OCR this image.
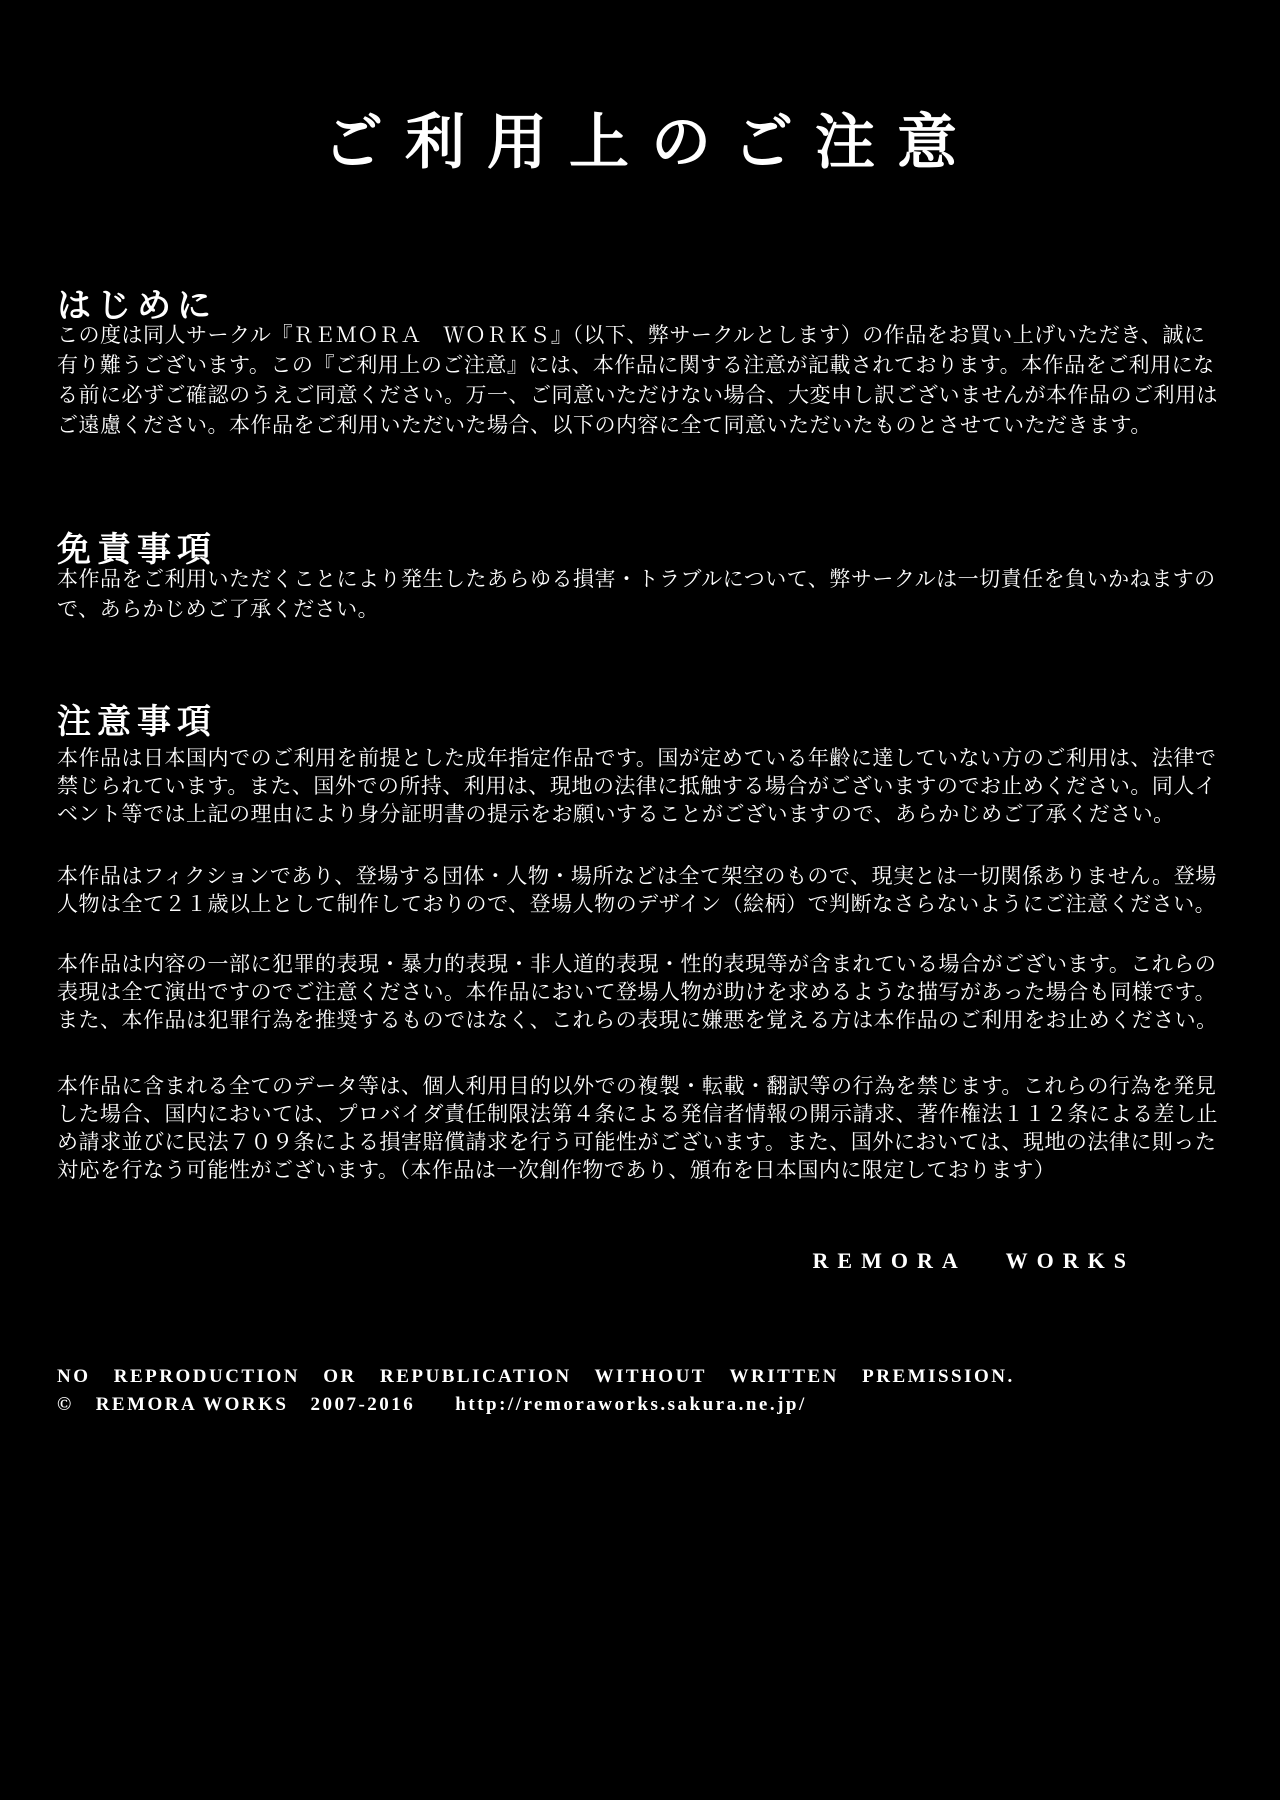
ご利用上のご注意
はじめに
この度は同人サークル『ＲＥＭＯＲＡ　ＷＯＲＫＳ』（以下、弊サークルとします）の作品をお買い上げいただき、誠に
有り難うございます。この『ご利用上のご注意』には、本作品に関する注意が記載されております。本作品をご利用にな
る前に必ずご確認のうえご同意ください。万一、ご同意いただけない場合、大変申し訳ございませんが本作品のご利用は
ご遠慮ください。本作品をご利用いただいた場合、以下の内容に全て同意いただいたものとさせていただきます。
免責事項
本作品をご利用いただくことにより発生したあらゆる損害・トラブルについて、弊サークルは一切責任を負いかねますの
で、あらかじめご了承ください。
注意事項
本作品は日本国内でのご利用を前提とした成年指定作品です。国が定めている年齢に達していない方のご利用は、法律で
禁じられています。また、国外での所持、利用は、現地の法律に抵触する場合がございますのでお止めください。同人イ
ベント等では上記の理由により身分証明書の提示をお願いすることがございますので、あらかじめご了承ください。
本作品はフィクションであり、登場する団体・人物・場所などは全て架空のもので、現実とは一切関係ありません。登場
人物は全て２１歳以上として制作しておりので、登場人物のデザイン（絵柄）で判断なさらないようにご注意ください。
本作品は内容の一部に犯罪的表現・暴力的表現・非人道的表現・性的表現等が含まれている場合がございます。これらの
表現は全て演出ですのでご注意ください。本作品において登場人物が助けを求めるような描写があった場合も同様です。
また、本作品は犯罪行為を推奨するものではなく、これらの表現に嫌悪を覚える方は本作品のご利用をお止めください。
本作品に含まれる全てのデータ等は、個人利用目的以外での複製・転載・翻訳等の行為を禁じます。これらの行為を発見
した場合、国内においては、プロバイダ責任制限法第４条による発信者情報の開示請求、著作権法１１２条による差し止
め請求並びに民法７０９条による損害賠償請求を行う可能性がございます。また、国外においては、現地の法律に則った
対応を行なう可能性がございます。（本作品は一次創作物であり、頒布を日本国内に限定しております）
REMORA WORKS
NO REPRODUCTION OR REPUBLICATION WITHOUT WRITTEN PREMISSION.
© REMORA WORKS 2007-2016 http://remoraworks.sakura.ne.jp/
